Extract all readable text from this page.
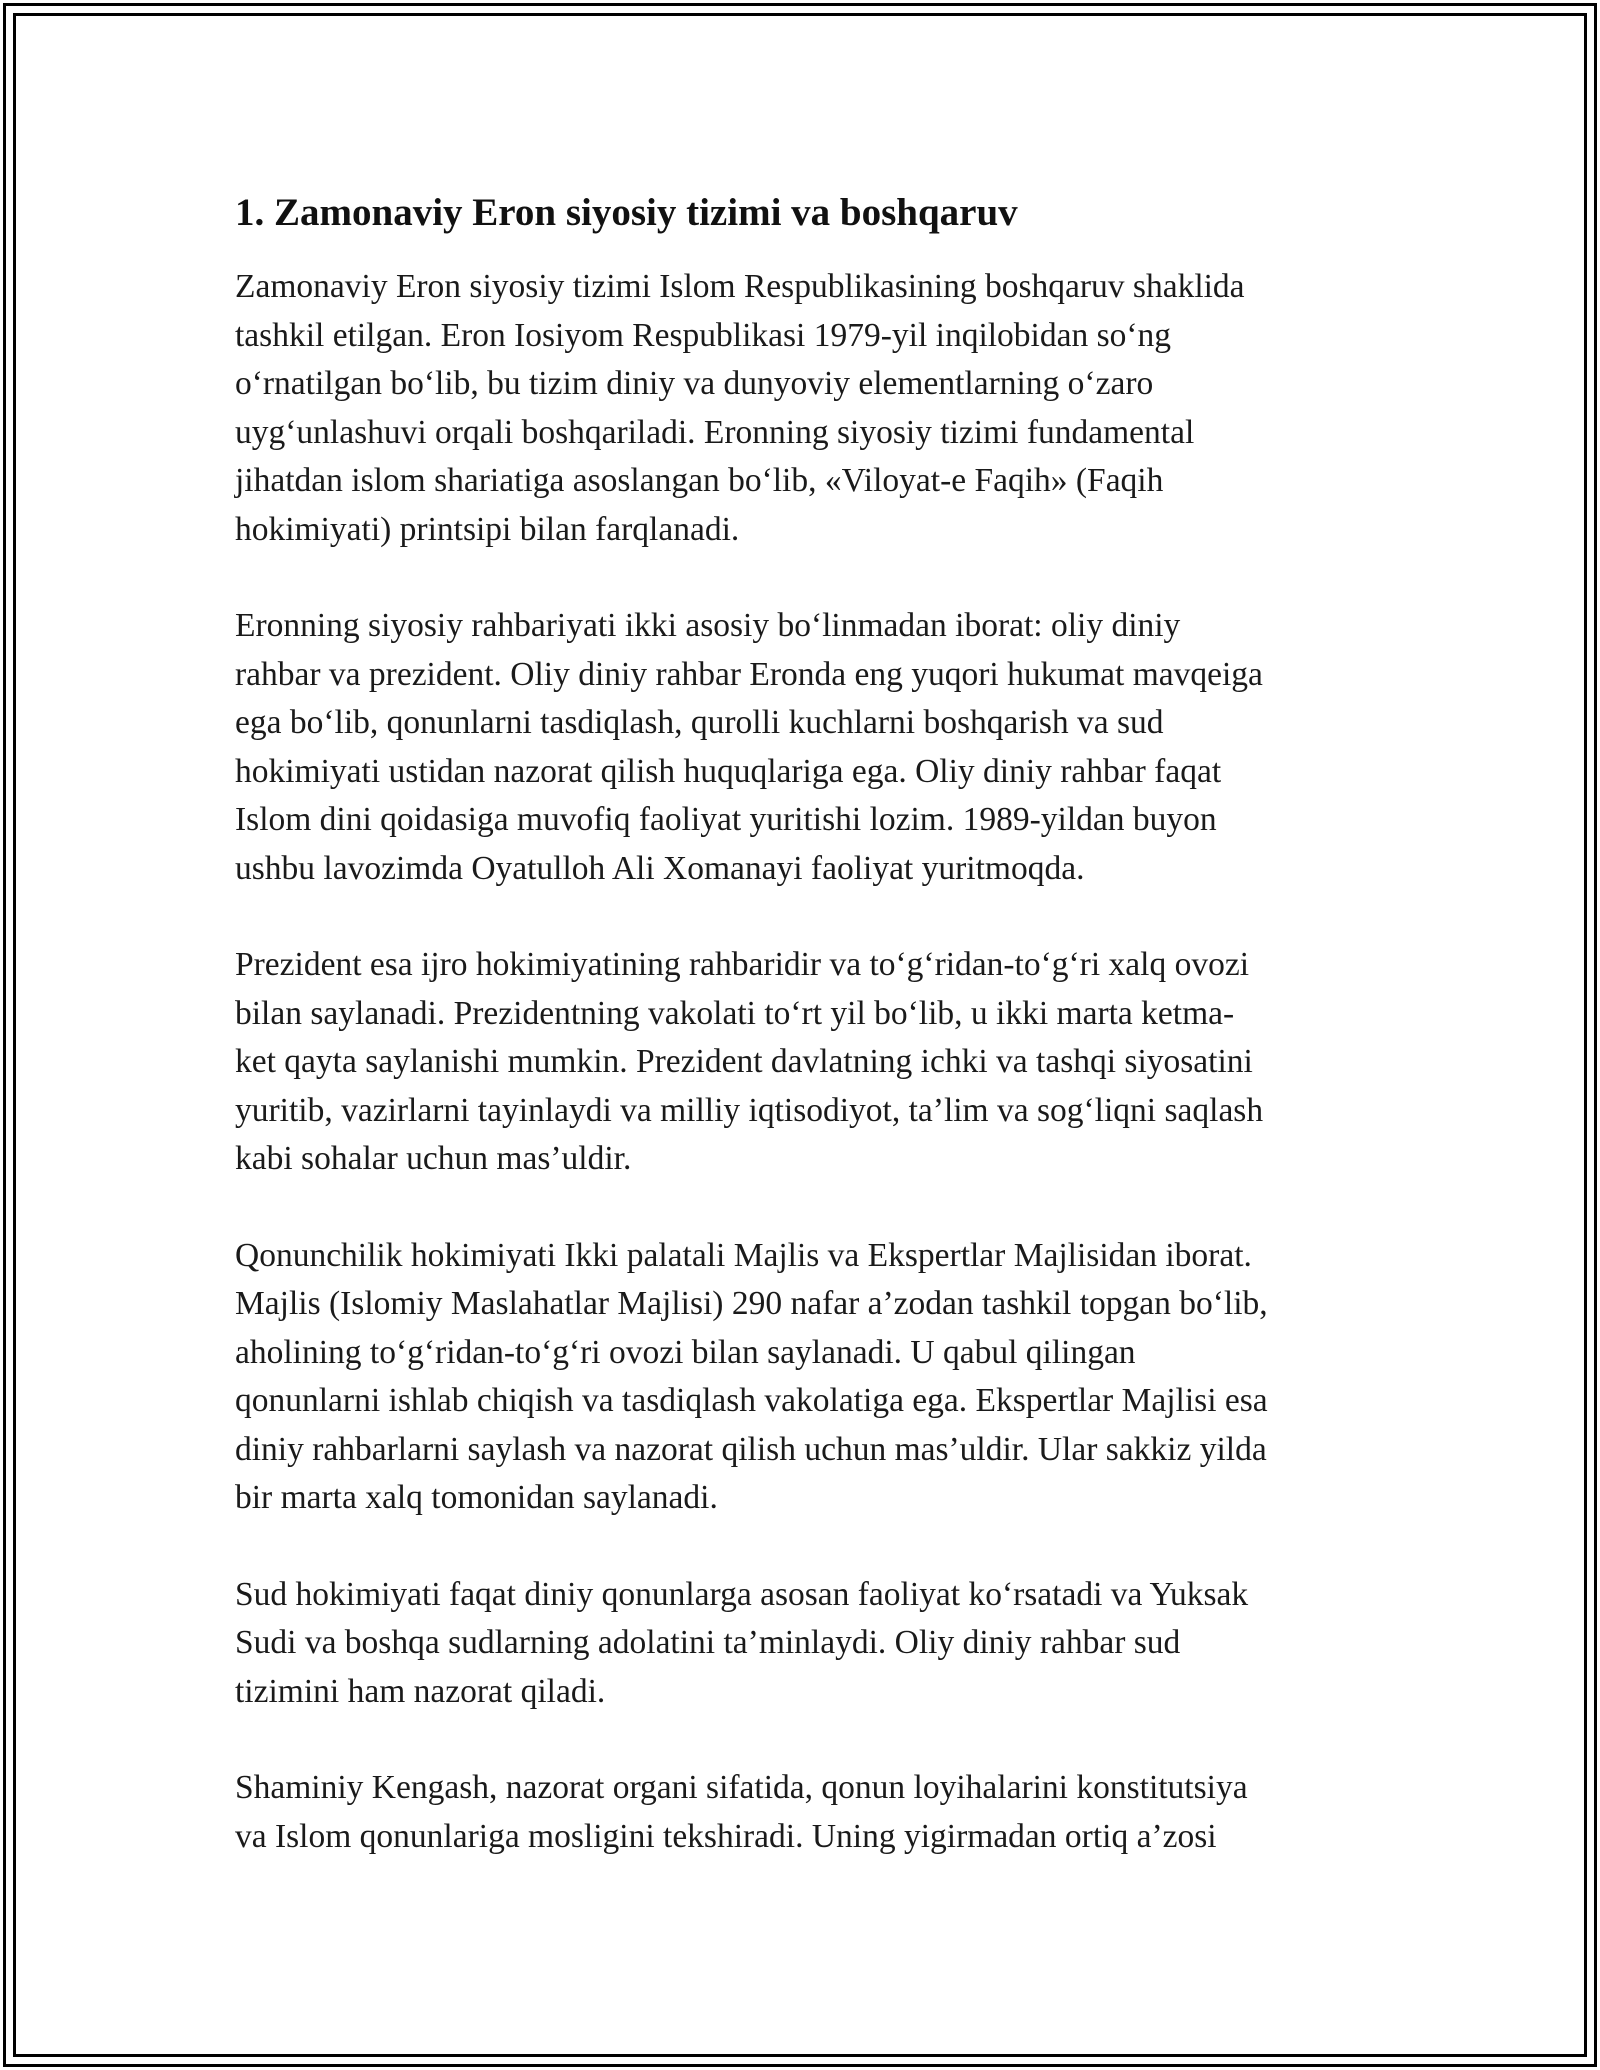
1. Zamonaviy Eron siyosiy tizimi va boshqaruv

Zamonaviy Eron siyosiy tizimi Islom Respublikasining boshqaruv shaklida
tashkil etilgan. Eron Iosiyom Respublikasi 1979-yil inqilobidan so‘ng
o‘rnatilgan bo‘lib, bu tizim diniy va dunyoviy elementlarning o‘zaro
uyg‘unlashuvi orqali boshqariladi. Eronning siyosiy tizimi fundamental
jihatdan islom shariatiga asoslangan bo‘lib, «Viloyat-e Faqih» (Faqih
hokimiyati) printsipi bilan farqlanadi.

Eronning siyosiy rahbariyati ikki asosiy bo‘linmadan iborat: oliy diniy
rahbar va prezident. Oliy diniy rahbar Eronda eng yuqori hukumat mavqeiga
ega bo‘lib, qonunlarni tasdiqlash, qurolli kuchlarni boshqarish va sud
hokimiyati ustidan nazorat qilish huquqlariga ega. Oliy diniy rahbar faqat
Islom dini qoidasiga muvofiq faoliyat yuritishi lozim. 1989-yildan buyon
ushbu lavozimda Oyatulloh Ali Xomanayi faoliyat yuritmoqda.

Prezident esa ijro hokimiyatining rahbaridir va to‘g‘ridan-to‘g‘ri xalq ovozi
bilan saylanadi. Prezidentning vakolati to‘rt yil bo‘lib, u ikki marta ketma-
ket qayta saylanishi mumkin. Prezident davlatning ichki va tashqi siyosatini
yuritib, vazirlarni tayinlaydi va milliy iqtisodiyot, ta’lim va sog‘liqni saqlash
kabi sohalar uchun mas’uldir.

Qonunchilik hokimiyati Ikki palatali Majlis va Ekspertlar Majlisidan iborat.
Majlis (Islomiy Maslahatlar Majlisi) 290 nafar a’zodan tashkil topgan bo‘lib,
aholining to‘g‘ridan-to‘g‘ri ovozi bilan saylanadi. U qabul qilingan
qonunlarni ishlab chiqish va tasdiqlash vakolatiga ega. Ekspertlar Majlisi esa
diniy rahbarlarni saylash va nazorat qilish uchun mas’uldir. Ular sakkiz yilda
bir marta xalq tomonidan saylanadi.

Sud hokimiyati faqat diniy qonunlarga asosan faoliyat ko‘rsatadi va Yuksak
Sudi va boshqa sudlarning adolatini ta’minlaydi. Oliy diniy rahbar sud
tizimini ham nazorat qiladi.

Shaminiy Kengash, nazorat organi sifatida, qonun loyihalarini konstitutsiya
va Islom qonunlariga mosligini tekshiradi. Uning yigirmadan ortiq a’zosi
